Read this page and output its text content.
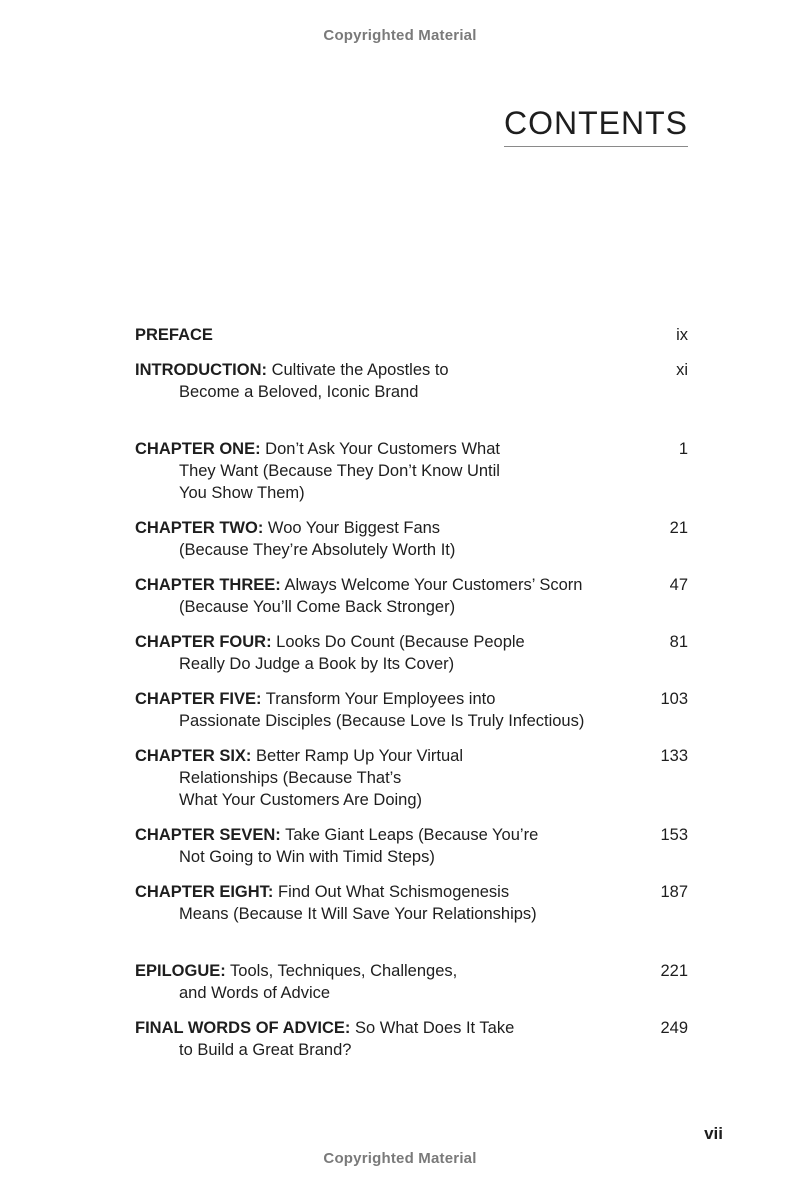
Copyrighted Material
CONTENTS
PREFACE	ix
INTRODUCTION: Cultivate the Apostles to
Become a Beloved, Iconic Brand
xi
CHAPTER ONE: Don’t Ask Your Customers What
They Want (Because They Don’t Know Until
You Show Them)
1
CHAPTER TWO: Woo Your Biggest Fans
(Because They’re Absolutely Worth It)
21
CHAPTER THREE: Always Welcome Your Customers’ Scorn
(Because You’ll Come Back Stronger)
47
CHAPTER FOUR: Looks Do Count (Because People
Really Do Judge a Book by Its Cover)
81
CHAPTER FIVE: Transform Your Employees into
Passionate Disciples (Because Love Is Truly Infectious)
103
CHAPTER SIX: Better Ramp Up Your Virtual
Relationships (Because That’s
What Your Customers Are Doing)
133
CHAPTER SEVEN: Take Giant Leaps (Because You’re
Not Going to Win with Timid Steps)
153
CHAPTER EIGHT: Find Out What Schismogenesis
Means (Because It Will Save Your Relationships)
187
EPILOGUE: Tools, Techniques, Challenges,
and Words of Advice
221
FINAL WORDS OF ADVICE: So What Does It Take
to Build a Great Brand?
249
vii
Copyrighted Material
